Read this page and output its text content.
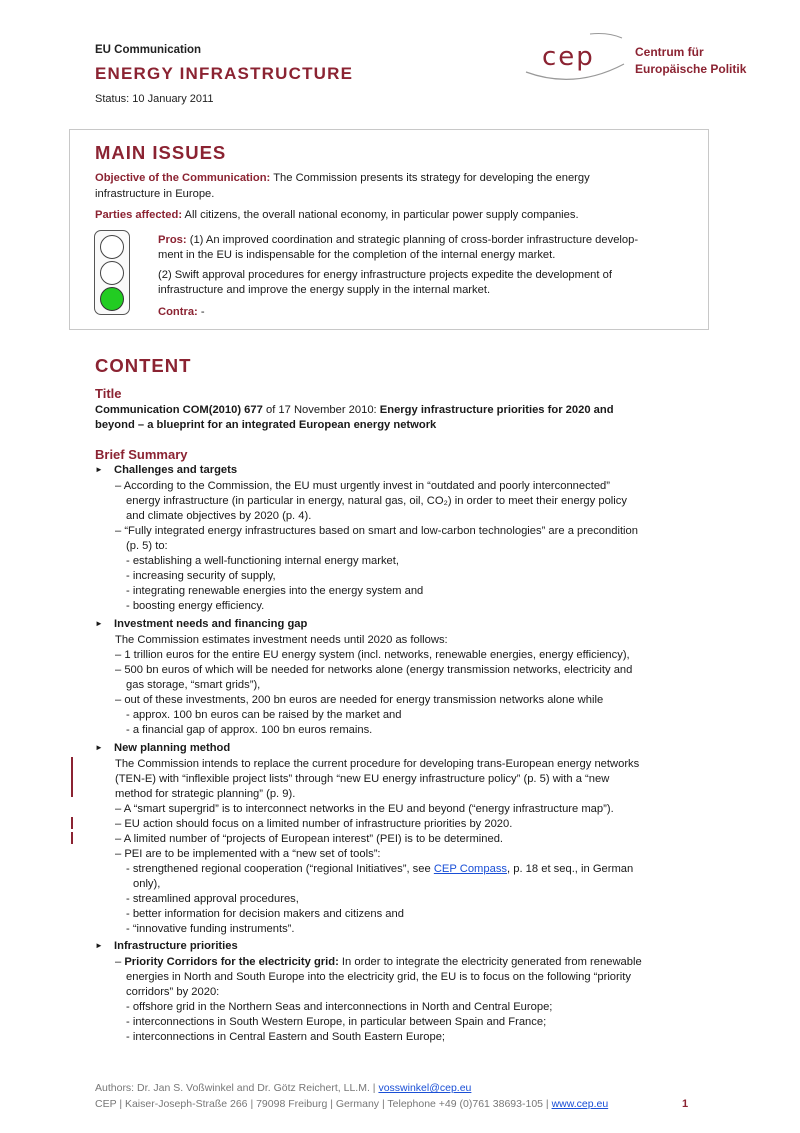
EU Communication
ENERGY INFRASTRUCTURE
Status: 10 January 2011
cep	Centrum für
Europäische Politik
MAIN ISSUES
Objective of the Communication: The Commission presents its strategy for developing the energy
infrastructure in Europe.
Parties affected: All citizens, the overall national economy, in particular power supply companies.
Pros: (1) An improved coordination and strategic planning of cross-border infrastructure develop-
ment in the EU is indispensable for the completion of the internal energy market.
(2) Swift approval procedures for energy infrastructure projects expedite the development of
infrastructure and improve the energy supply in the internal market.
Contra: -
CONTENT
Title
Communication COM(2010) 677 of 17 November 2010: Energy infrastructure priorities for 2020 and
beyond – a blueprint for an integrated European energy network
Brief Summary
► Challenges and targets
– According to the Commission, the EU must urgently invest in “outdated and poorly interconnected”
energy infrastructure (in particular in energy, natural gas, oil, CO₂) in order to meet their energy policy
and climate objectives by 2020 (p. 4).
– “Fully integrated energy infrastructures based on smart and low-carbon technologies” are a precondition
(p. 5) to:
- establishing a well-functioning internal energy market,
- increasing security of supply,
- integrating renewable energies into the energy system and
- boosting energy efficiency.
► Investment needs and financing gap
The Commission estimates investment needs until 2020 as follows:
– 1 trillion euros for the entire EU energy system (incl. networks, renewable energies, energy efficiency),
– 500 bn euros of which will be needed for networks alone (energy transmission networks, electricity and
gas storage, “smart grids”),
– out of these investments, 200 bn euros are needed for energy transmission networks alone while
- approx. 100 bn euros can be raised by the market and
- a financial gap of approx. 100 bn euros remains.
► New planning method
The Commission intends to replace the current procedure for developing trans-European energy networks
(TEN-E) with “inflexible project lists” through “new EU energy infrastructure policy” (p. 5) with a “new
method for strategic planning” (p. 9).
– A “smart supergrid” is to interconnect networks in the EU and beyond (“energy infrastructure map”).
– EU action should focus on a limited number of infrastructure priorities by 2020.
– A limited number of “projects of European interest” (PEI) is to be determined.
– PEI are to be implemented with a “new set of tools”:
- strengthened regional cooperation (“regional Initiatives”, see CEP Compass, p. 18 et seq., in German
only),
- streamlined approval procedures,
- better information for decision makers and citizens and
- “innovative funding instruments”.
► Infrastructure priorities
– Priority Corridors for the electricity grid: In order to integrate the electricity generated from renewable
energies in North and South Europe into the electricity grid, the EU is to focus on the following “priority
corridors” by 2020:
- offshore grid in the Northern Seas and interconnections in North and Central Europe;
- interconnections in South Western Europe, in particular between Spain and France;
- interconnections in Central Eastern and South Eastern Europe;
Authors: Dr. Jan S. Voßwinkel and Dr. Götz Reichert, LL.M. | vosswinkel@cep.eu
CEP | Kaiser-Joseph-Straße 266 | 79098 Freiburg | Germany | Telephone +49 (0)761 38693-105 | www.cep.eu	1
